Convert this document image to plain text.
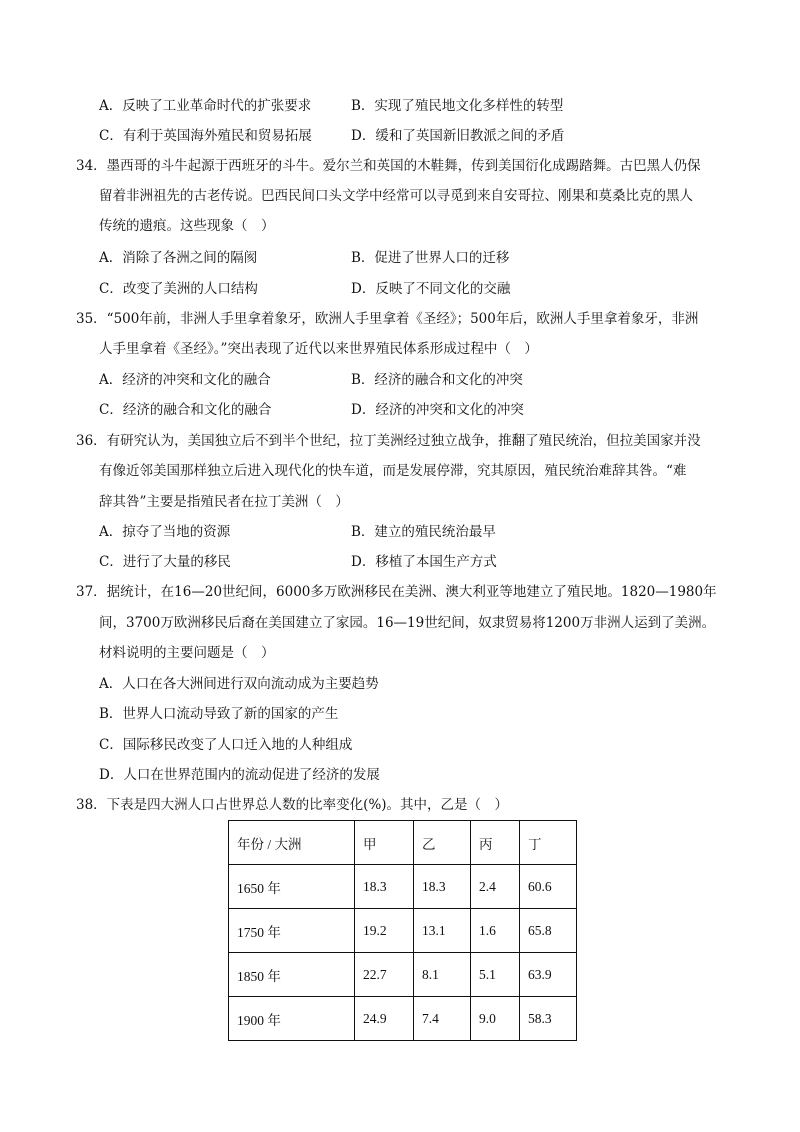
A．反映了工业革命时代的扩张要求	B．实现了殖民地文化多样性的转型
C．有利于英国海外殖民和贸易拓展	D．缓和了英国新旧教派之间的矛盾
34．墨西哥的斗牛起源于西班牙的斗牛。爱尔兰和英国的木鞋舞，传到美国衍化成踢踏舞。古巴黑人仍保
留着非洲祖先的古老传说。巴西民间口头文学中经常可以寻觅到来自安哥拉、刚果和莫桑比克的黑人
传统的遗痕。这些现象（　）
A．消除了各洲之间的隔阂	B．促进了世界人口的迁移
C．改变了美洲的人口结构	D．反映了不同文化的交融
35．“500年前，非洲人手里拿着象牙，欧洲人手里拿着《圣经》；500年后，欧洲人手里拿着象牙，非洲
人手里拿着《圣经》。”突出表现了近代以来世界殖民体系形成过程中（　）
A．经济的冲突和文化的融合	B．经济的融合和文化的冲突
C．经济的融合和文化的融合	D．经济的冲突和文化的冲突
36．有研究认为，美国独立后不到半个世纪，拉丁美洲经过独立战争，推翻了殖民统治，但拉美国家并没
有像近邻美国那样独立后进入现代化的快车道，而是发展停滞，究其原因，殖民统治难辞其咎。“难
辞其咎”主要是指殖民者在拉丁美洲（　）
A．掠夺了当地的资源	B．建立的殖民统治最早
C．进行了大量的移民	D．移植了本国生产方式
37．据统计，在16—20世纪间，6000多万欧洲移民在美洲、澳大利亚等地建立了殖民地。1820—1980年
间，3700万欧洲移民后裔在美国建立了家园。16—19世纪间，奴隶贸易将1200万非洲人运到了美洲。
材料说明的主要问题是（　）
A．人口在各大洲间进行双向流动成为主要趋势
B．世界人口流动导致了新的国家的产生
C．国际移民改变了人口迁入地的人种组成
D．人口在世界范围内的流动促进了经济的发展
38．下表是四大洲人口占世界总人数的比率变化(%)。其中，乙是（　）
年份 / 大洲	甲	乙	丙	丁
1650 年	18.3	18.3	2.4	60.6
1750 年	19.2	13.1	1.6	65.8
1850 年	22.7	8.1	5.1	63.9
1900 年	24.9	7.4	9.0	58.3
